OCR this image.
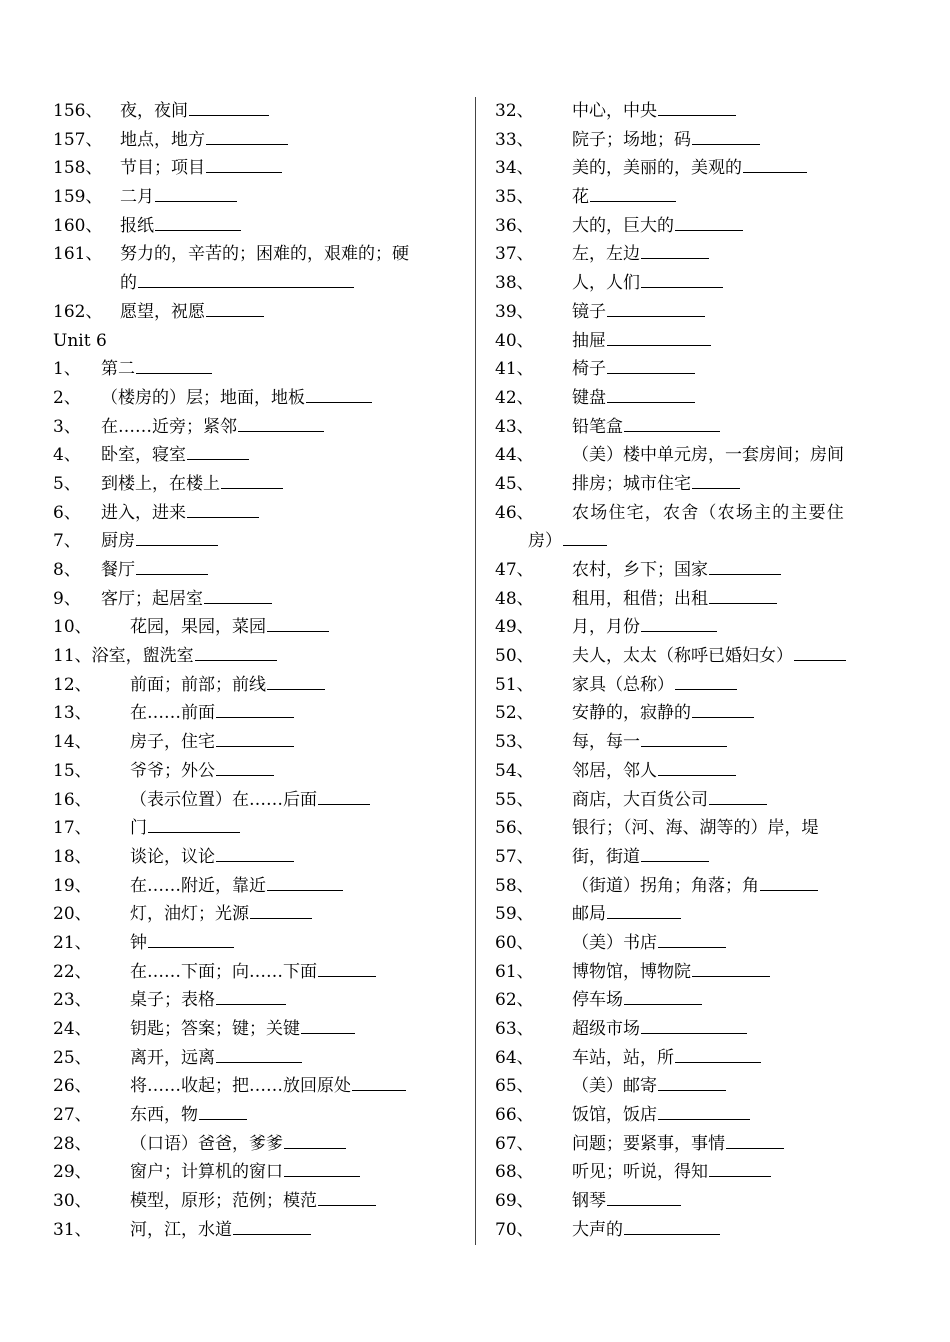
156、 夜，夜间
157、 地点，地方
158、 节目；项目
159、 二月
160、 报纸
161、 努力的，辛苦的；困难的，艰难的；硬
的
162、 愿望，祝愿
Unit 6
1、 第二
2、 （楼房的）层；地面，地板
3、 在……近旁；紧邻
4、 卧室，寝室
5、 到楼上，在楼上
6、 进入，进来
7、 厨房
8、 餐厅
9、 客厅；起居室
10、 花园，果园，菜园
11、浴室，盥洗室
12、 前面；前部；前线
13、 在……前面
14、 房子，住宅
15、 爷爷；外公
16、 （表示位置）在……后面
17、 门
18、 谈论，议论
19、 在……附近，靠近
20、 灯，油灯；光源
21、 钟
22、 在……下面；向……下面
23、 桌子；表格
24、 钥匙；答案；键；关键
25、 离开，远离
26、 将……收起；把……放回原处
27、 东西，物
28、 （口语）爸爸，爹爹
29、 窗户；计算机的窗口
30、 模型，原形；范例；模范
31、 河，江，水道
32、 中心，中央
33、 院子；场地；码
34、 美的，美丽的，美观的
35、 花
36、 大的，巨大的
37、 左，左边
38、 人，人们
39、 镜子
40、 抽屉
41、 椅子
42、 键盘
43、 铅笔盒
44、 （美）楼中单元房，一套房间；房间
45、 排房；城市住宅
46、 农场住宅，农舍（农场主的主要住
房）
47、 农村，乡下；国家
48、 租用，租借；出租
49、 月，月份
50、 夫人，太太（称呼已婚妇女）
51、 家具（总称）
52、 安静的，寂静的
53、 每，每一
54、 邻居，邻人
55、 商店，大百货公司
56、 银行；（河、海、湖等的）岸，堤
57、 街，街道
58、 （街道）拐角；角落；角
59、 邮局
60、 （美）书店
61、 博物馆，博物院
62、 停车场
63、 超级市场
64、 车站，站，所
65、 （美）邮寄
66、 饭馆，饭店
67、 问题；要紧事，事情
68、 听见；听说，得知
69、 钢琴
70、 大声的
